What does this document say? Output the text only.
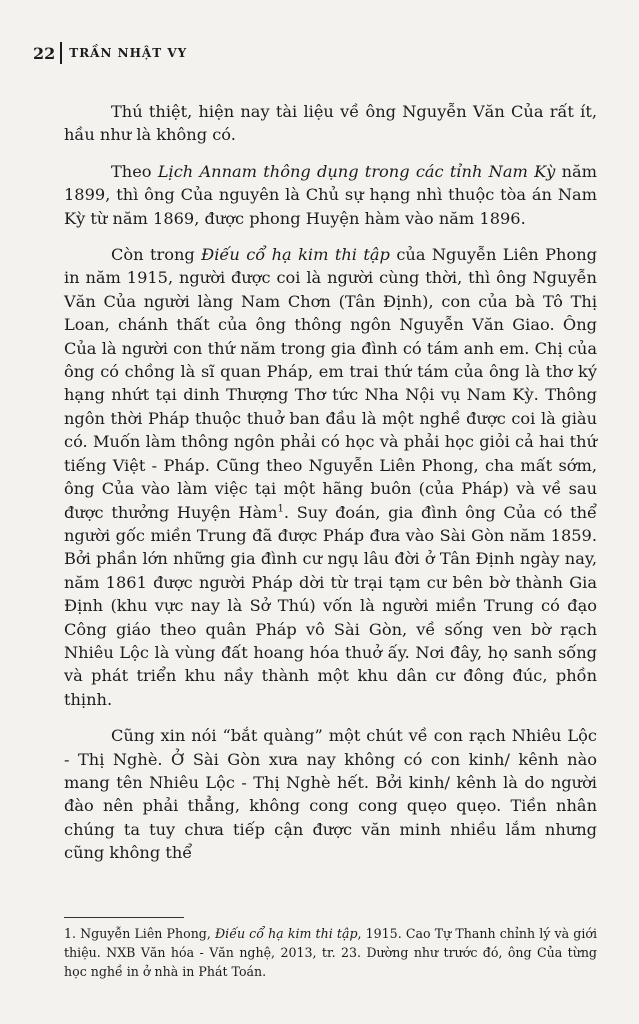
22 TRẦN NHẬT VY

Thú thiệt, hiện nay tài liệu về ông Nguyễn Văn Của rất ít, hầu như là không có.

Theo Lịch Annam thông dụng trong các tỉnh Nam Kỳ năm 1899, thì ông Của nguyên là Chủ sự hạng nhì thuộc tòa án Nam Kỳ từ năm 1869, được phong Huyện hàm vào năm 1896.

Còn trong Điếu cổ hạ kim thi tập của Nguyễn Liên Phong in năm 1915, người được coi là người cùng thời, thì ông Nguyễn Văn Của người làng Nam Chơn (Tân Định), con của bà Tô Thị Loan, chánh thất của ông thông ngôn Nguyễn Văn Giao. Ông Của là người con thứ năm trong gia đình có tám anh em. Chị của ông có chồng là sĩ quan Pháp, em trai thứ tám của ông là thơ ký hạng nhứt tại dinh Thượng Thơ tức Nha Nội vụ Nam Kỳ. Thông ngôn thời Pháp thuộc thuở ban đầu là một nghề được coi là giàu có. Muốn làm thông ngôn phải có học và phải học giỏi cả hai thứ tiếng Việt - Pháp. Cũng theo Nguyễn Liên Phong, cha mất sớm, ông Của vào làm việc tại một hãng buôn (của Pháp) và về sau được thưởng Huyện Hàm$^1$. Suy đoán, gia đình ông Của có thể người gốc miền Trung đã được Pháp đưa vào Sài Gòn năm 1859. Bởi phần lớn những gia đình cư ngụ lâu đời ở Tân Định ngày nay, năm 1861 được người Pháp dời từ trại tạm cư bên bờ thành Gia Định (khu vực nay là Sở Thú) vốn là người miền Trung có đạo Công giáo theo quân Pháp vô Sài Gòn, về sống ven bờ rạch Nhiêu Lộc là vùng đất hoang hóa thuở ấy. Nơi đây, họ sanh sống và phát triển khu nầy thành một khu dân cư đông đúc, phồn thịnh.

Cũng xin nói “bắt quàng” một chút về con rạch Nhiêu Lộc - Thị Nghè. Ở Sài Gòn xưa nay không có con kinh/ kênh nào mang tên Nhiêu Lộc - Thị Nghè hết. Bởi kinh/ kênh là do người đào nên phải thẳng, không cong cong quẹo quẹo. Tiền nhân chúng ta tuy chưa tiếp cận được văn minh nhiều lắm nhưng cũng không thể

1. Nguyễn Liên Phong, Điếu cổ hạ kim thi tập, 1915. Cao Tự Thanh chỉnh lý và giới thiệu. NXB Văn hóa - Văn nghệ, 2013, tr. 23. Dường như trước đó, ông Của từng học nghề in ở nhà in Phát Toán.
